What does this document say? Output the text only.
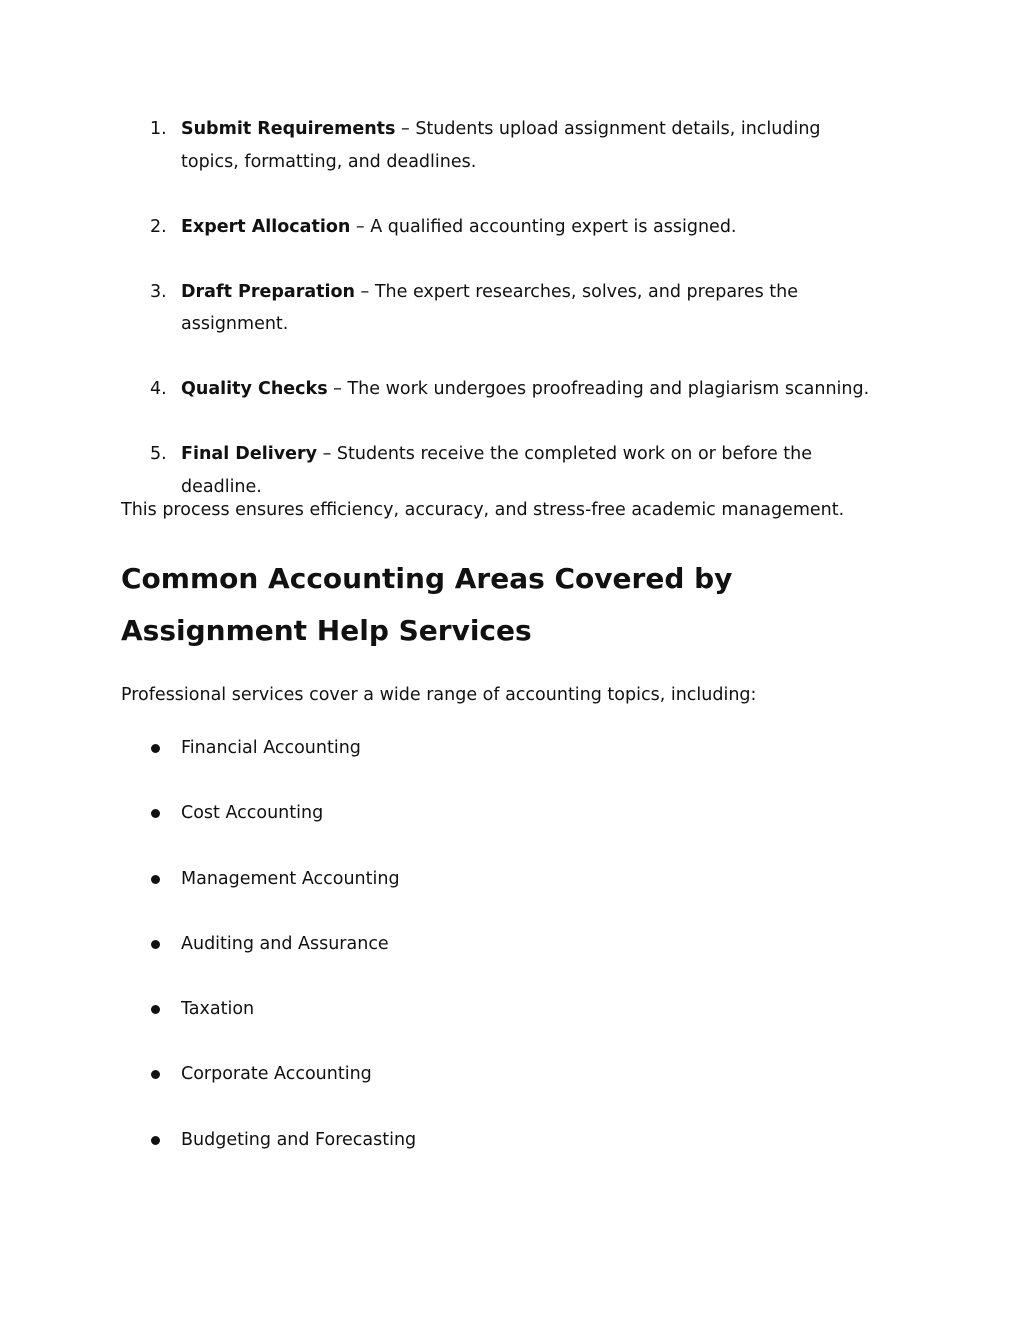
1. Submit Requirements – Students upload assignment details, including topics, formatting, and deadlines.
2. Expert Allocation – A qualified accounting expert is assigned.
3. Draft Preparation – The expert researches, solves, and prepares the assignment.
4. Quality Checks – The work undergoes proofreading and plagiarism scanning.
5. Final Delivery – Students receive the completed work on or before the deadline.

This process ensures efficiency, accuracy, and stress-free academic management.

Common Accounting Areas Covered by Assignment Help Services

Professional services cover a wide range of accounting topics, including:

Financial Accounting
Cost Accounting
Management Accounting
Auditing and Assurance
Taxation
Corporate Accounting
Budgeting and Forecasting
